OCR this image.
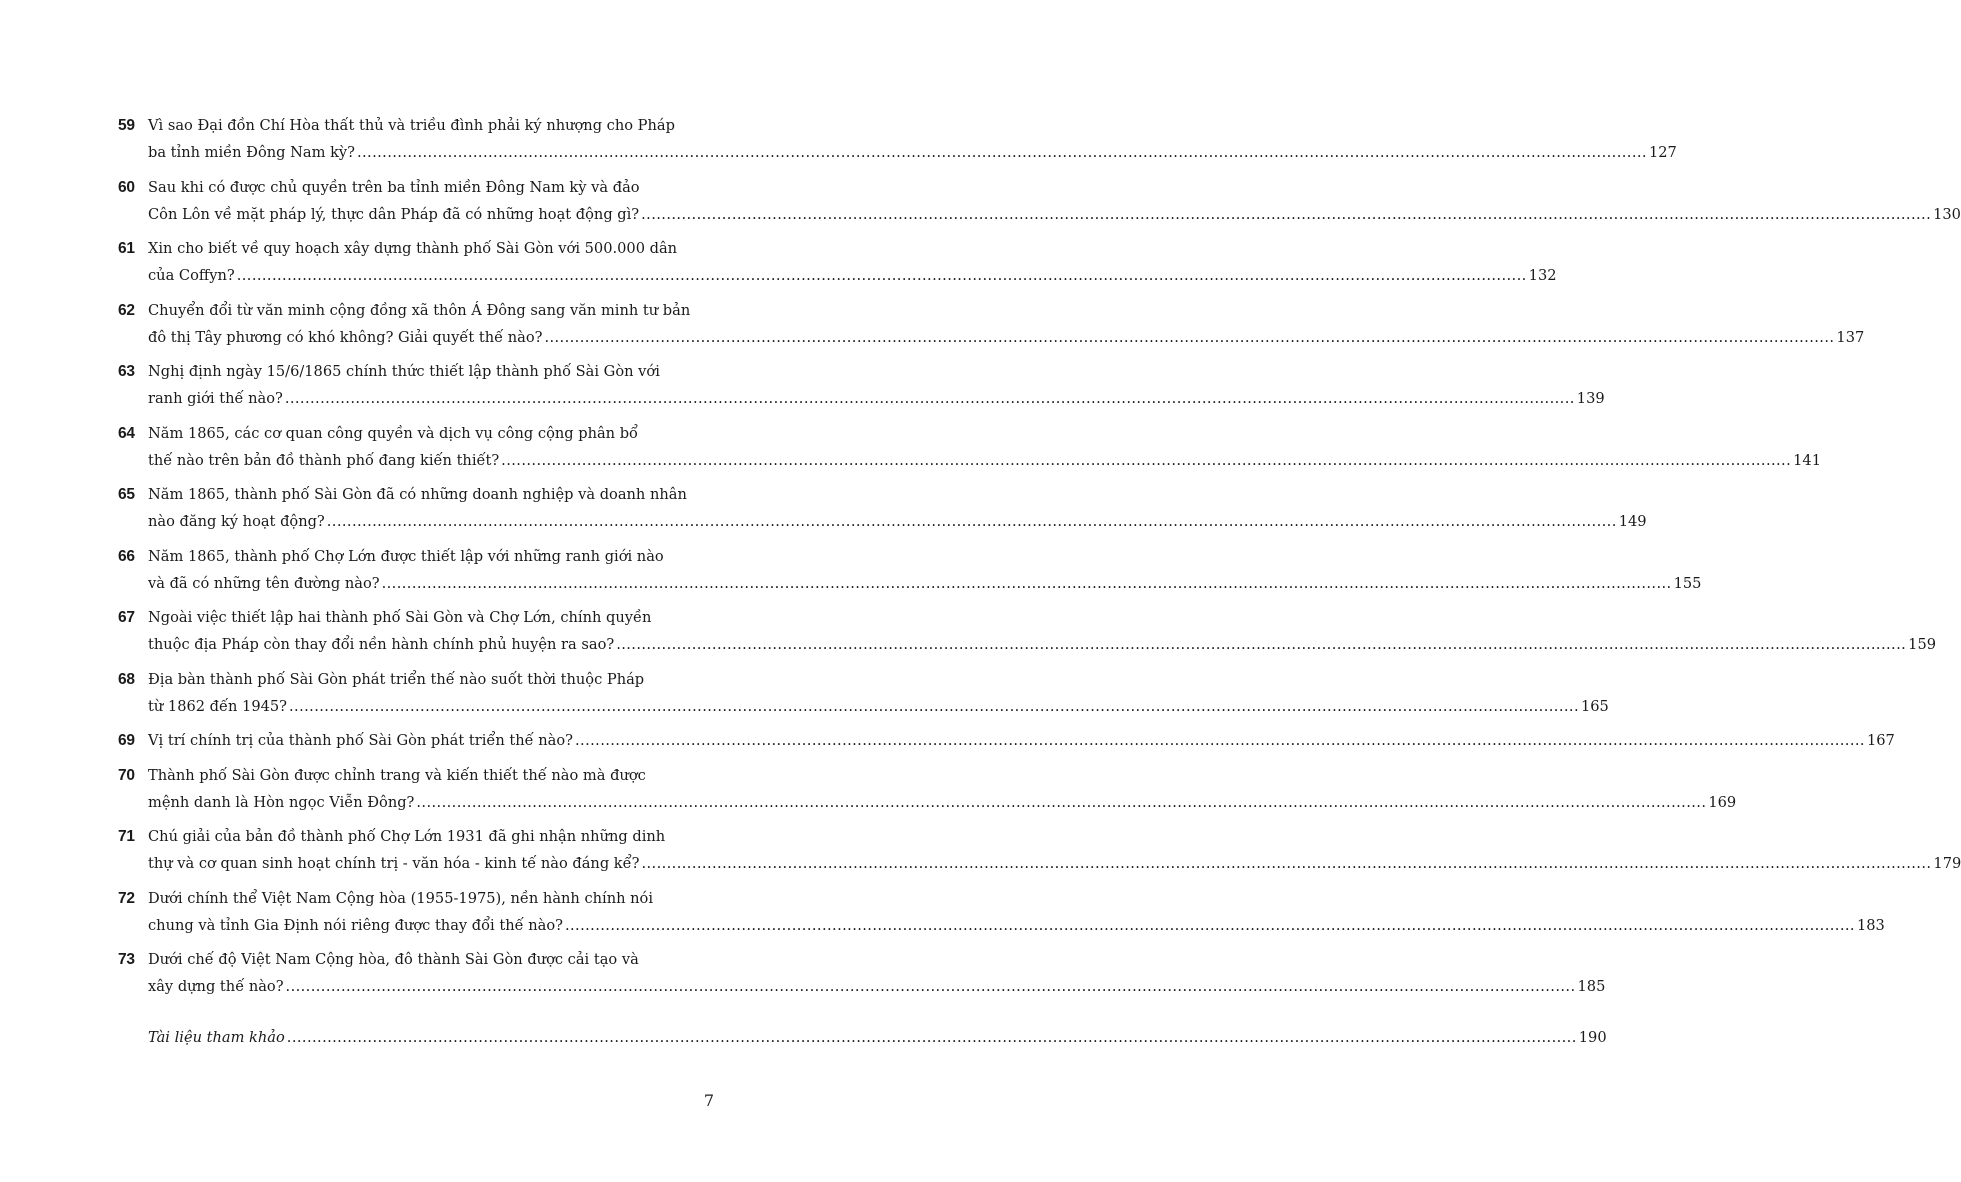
59 Vì sao Đại đồn Chí Hòa thất thủ và triều đình phải ký nhượng cho Pháp
ba tỉnh miền Đông Nam kỳ? .....	127
60 Sau khi có được chủ quyền trên ba tỉnh miền Đông Nam kỳ và đảo
Côn Lôn về mặt pháp lý, thực dân Pháp đã có những hoạt động gì? .....	130
61 Xin cho biết về quy hoạch xây dựng thành phố Sài Gòn với 500.000 dân
của Coffyn? .....	132
62 Chuyển đổi từ văn minh cộng đồng xã thôn Á Đông sang văn minh tư bản
đô thị Tây phương có khó không? Giải quyết thế nào? .....	137
63 Nghị định ngày 15/6/1865 chính thức thiết lập thành phố Sài Gòn với
ranh giới thế nào? .....	139
64 Năm 1865, các cơ quan công quyền và dịch vụ công cộng phân bổ
thế nào trên bản đồ thành phố đang kiến thiết? .....	141
65 Năm 1865, thành phố Sài Gòn đã có những doanh nghiệp và doanh nhân
nào đăng ký hoạt động? .....	149
66 Năm 1865, thành phố Chợ Lớn được thiết lập với những ranh giới nào
và đã có những tên đường nào? .....	155
67 Ngoài việc thiết lập hai thành phố Sài Gòn và Chợ Lớn, chính quyền
thuộc địa Pháp còn thay đổi nền hành chính phủ huyện ra sao? .....	159
68 Địa bàn thành phố Sài Gòn phát triển thế nào suốt thời thuộc Pháp
từ 1862 đến 1945? .....	165
69 Vị trí chính trị của thành phố Sài Gòn phát triển thế nào? .....	167
70 Thành phố Sài Gòn được chỉnh trang và kiến thiết thế nào mà được
mệnh danh là Hòn ngọc Viễn Đông? .....	169
71 Chú giải của bản đồ thành phố Chợ Lớn 1931 đã ghi nhận những dinh
thự và cơ quan sinh hoạt chính trị - văn hóa - kinh tế nào đáng kể? .....	179
72 Dưới chính thể Việt Nam Cộng hòa (1955-1975), nền hành chính nói
chung và tỉnh Gia Định nói riêng được thay đổi thế nào? .....	183
73 Dưới chế độ Việt Nam Cộng hòa, đô thành Sài Gòn được cải tạo và
xây dựng thế nào? .....	185
Tài liệu tham khảo .....	190
7
